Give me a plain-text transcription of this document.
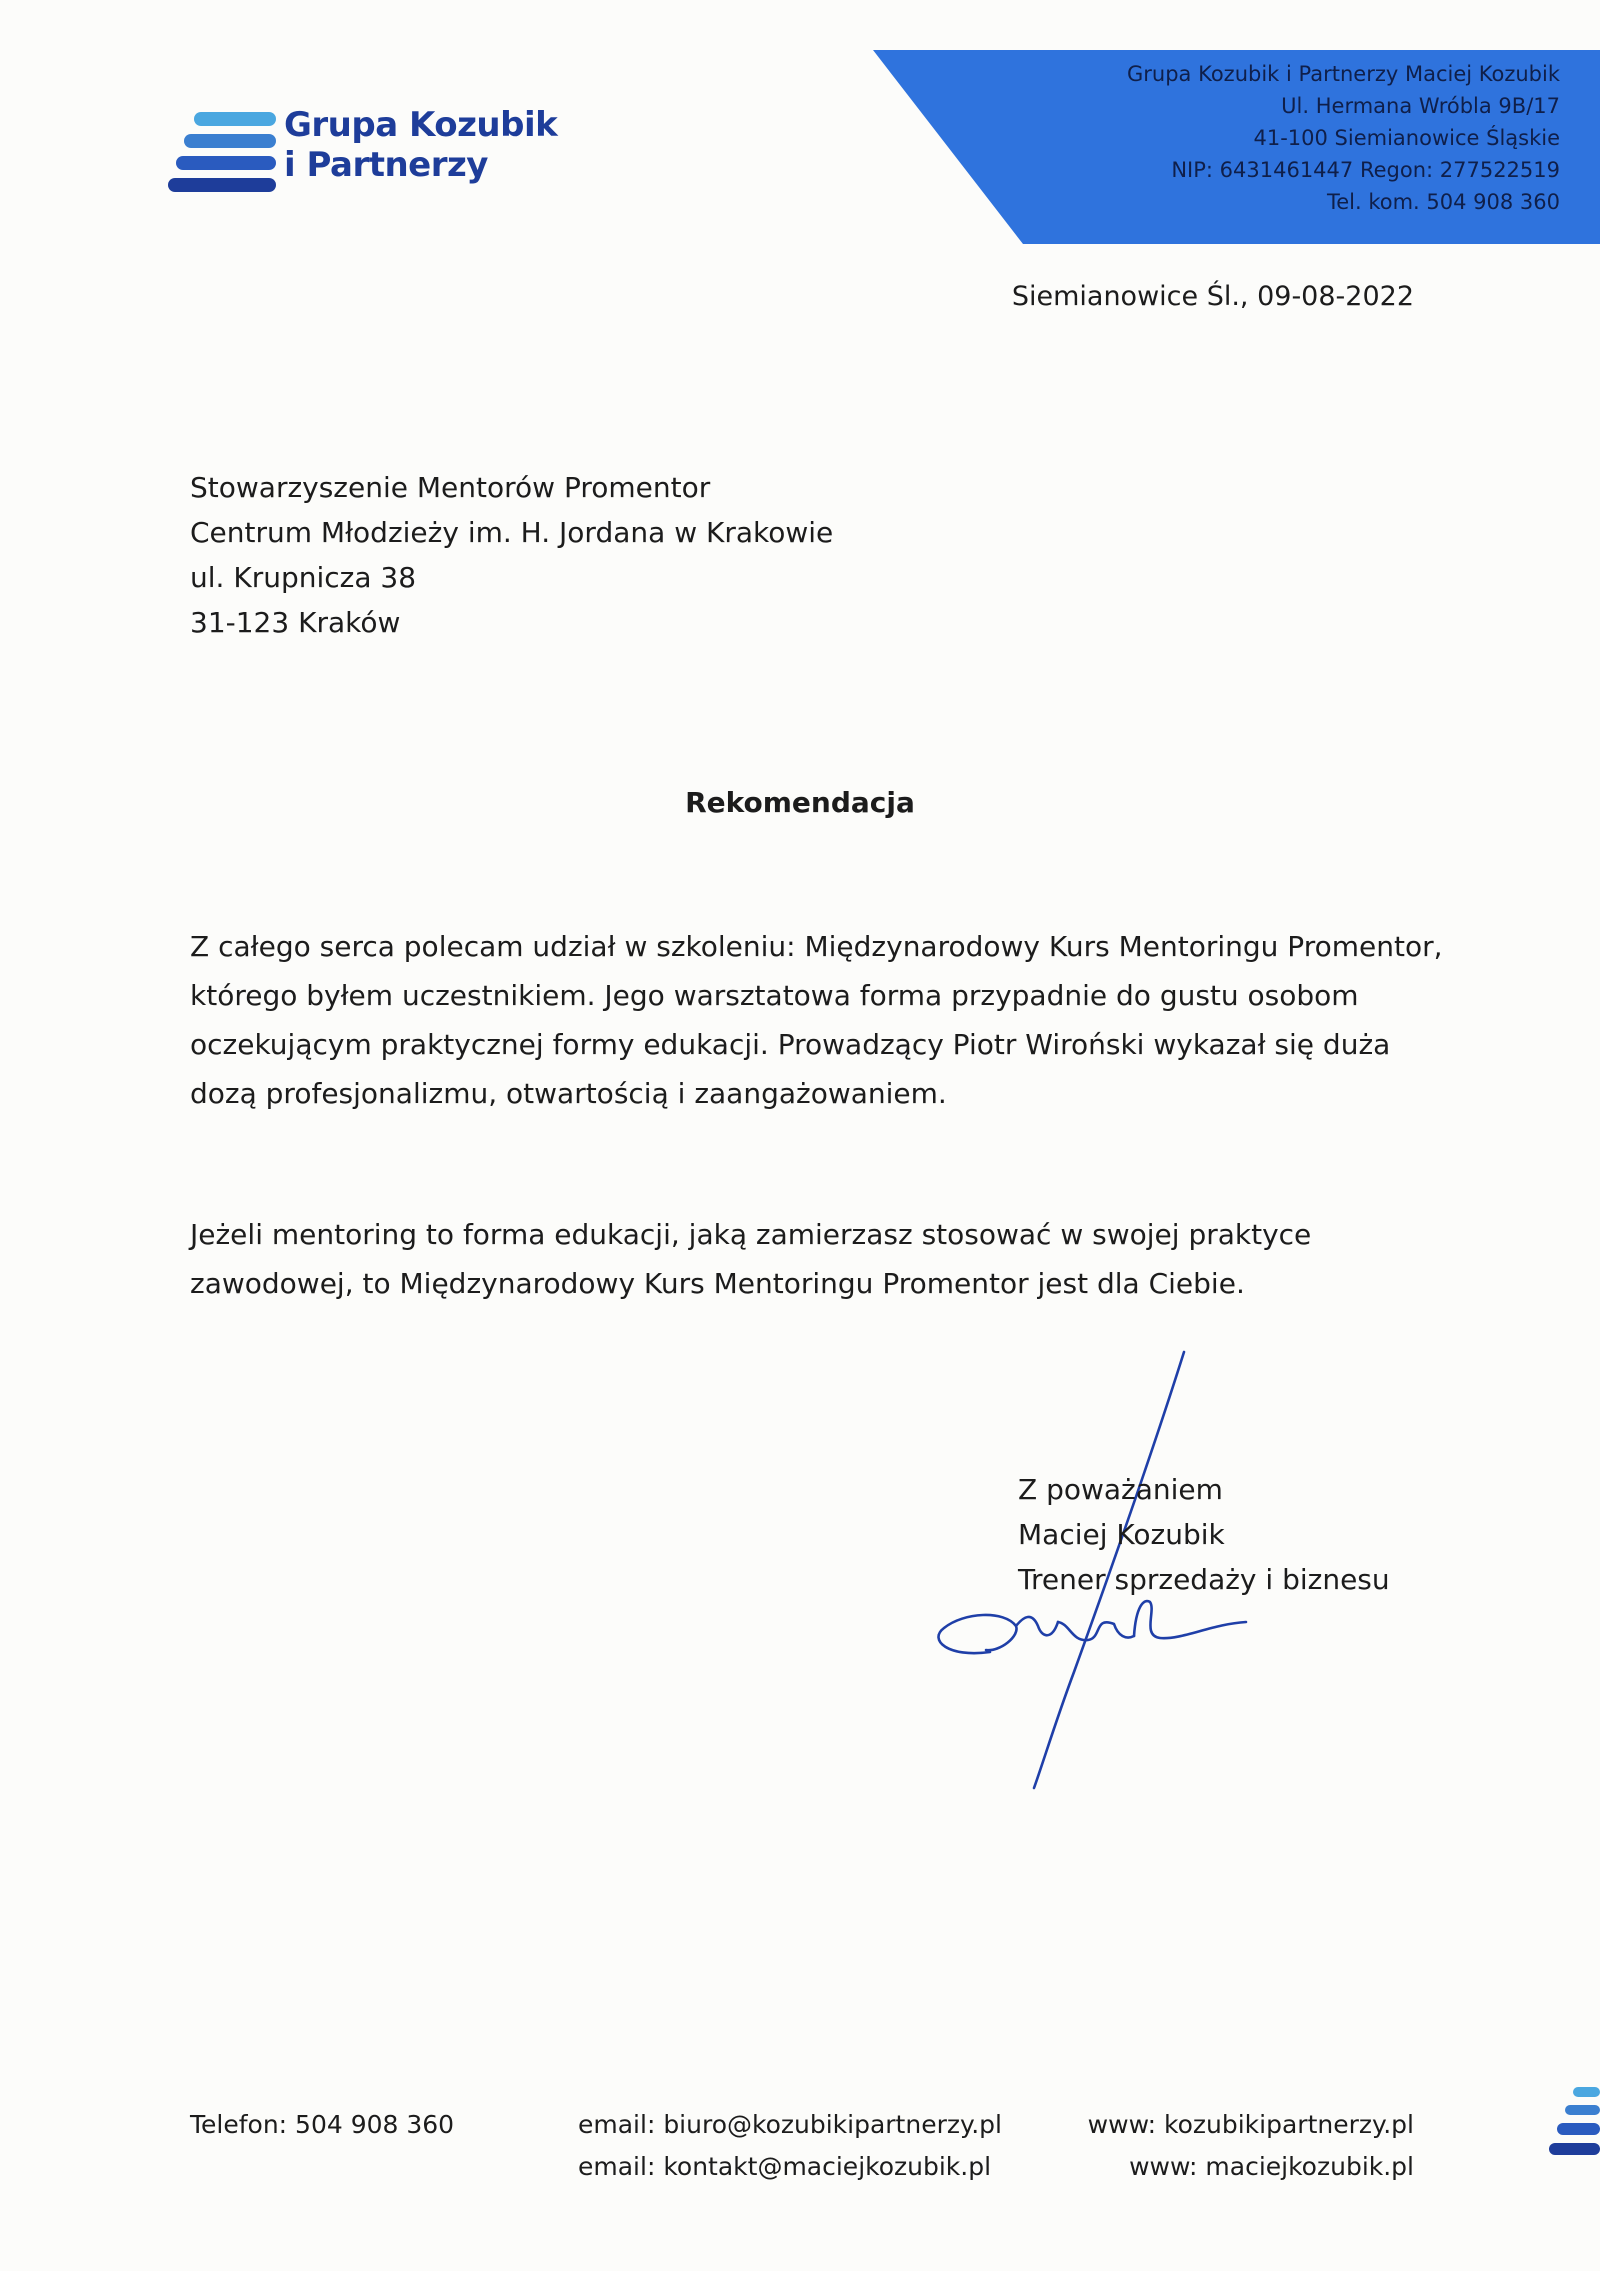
Grupa Kozubik
i Partnerzy
Grupa Kozubik i Partnerzy Maciej Kozubik
Ul. Hermana Wróbla 9B/17
41-100 Siemianowice Śląskie
NIP: 6431461447 Regon: 277522519
Tel. kom. 504 908 360
Siemianowice Śl., 09-08-2022
Stowarzyszenie Mentorów Promentor
Centrum Młodzieży im. H. Jordana w Krakowie
ul. Krupnicza 38
31-123 Kraków
Rekomendacja
Z całego serca polecam udział w szkoleniu: Międzynarodowy Kurs Mentoringu Promentor, którego byłem uczestnikiem. Jego warsztatowa forma przypadnie do gustu osobom oczekującym praktycznej formy edukacji. Prowadzący Piotr Wiroński wykazał się duża dozą profesjonalizmu, otwartością i zaangażowaniem.
Jeżeli mentoring to forma edukacji, jaką zamierzasz stosować w swojej praktyce zawodowej, to Międzynarodowy Kurs Mentoringu Promentor jest dla Ciebie.
Z poważaniem
Maciej Kozubik
Trener sprzedaży i biznesu
Telefon: 504 908 360	email: biuro@kozubikipartnerzy.pl
email: kontakt@maciejkozubik.pl
www: kozubikipartnerzy.pl
www: maciejkozubik.pl
